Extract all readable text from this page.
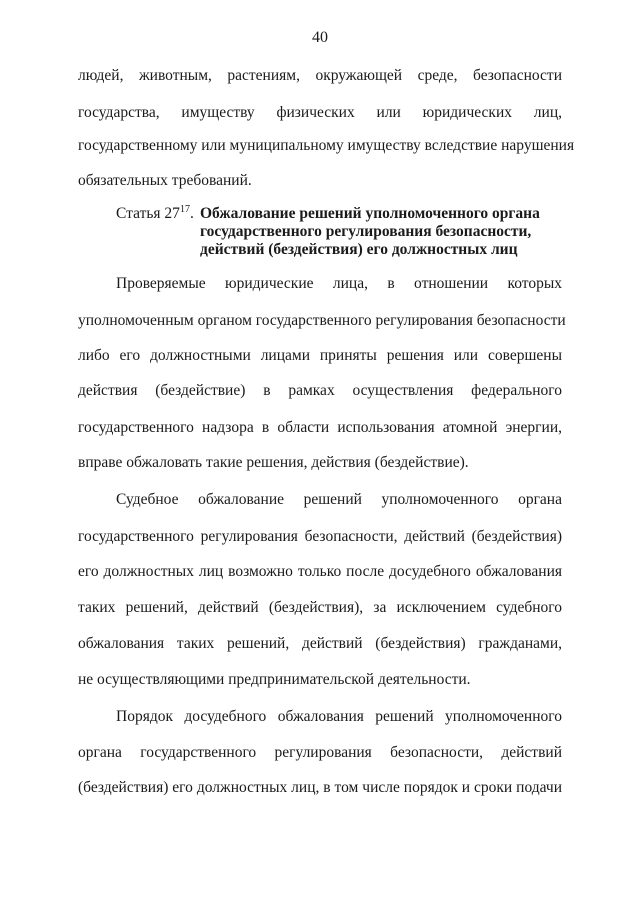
40
людей, животным, растениям, окружающей среде, безопасности
государства, имуществу физических или юридических лиц,
государственному или муниципальному имуществу вследствие нарушения
обязательных требований.
Статья $27^{17}$. Обжалование решений уполномоченного органа
государственного регулирования безопасности,
действий (бездействия) его должностных лиц
Проверяемые юридические лица, в отношении которых
уполномоченным органом государственного регулирования безопасности
либо его должностными лицами приняты решения или совершены
действия (бездействие) в рамках осуществления федерального
государственного надзора в области использования атомной энергии,
вправе обжаловать такие решения, действия (бездействие).
Судебное обжалование решений уполномоченного органа
государственного регулирования безопасности, действий (бездействия)
его должностных лиц возможно только после досудебного обжалования
таких решений, действий (бездействия), за исключением судебного
обжалования таких решений, действий (бездействия) гражданами,
не осуществляющими предпринимательской деятельности.
Порядок досудебного обжалования решений уполномоченного
органа государственного регулирования безопасности, действий
(бездействия) его должностных лиц, в том числе порядок и сроки подачи
